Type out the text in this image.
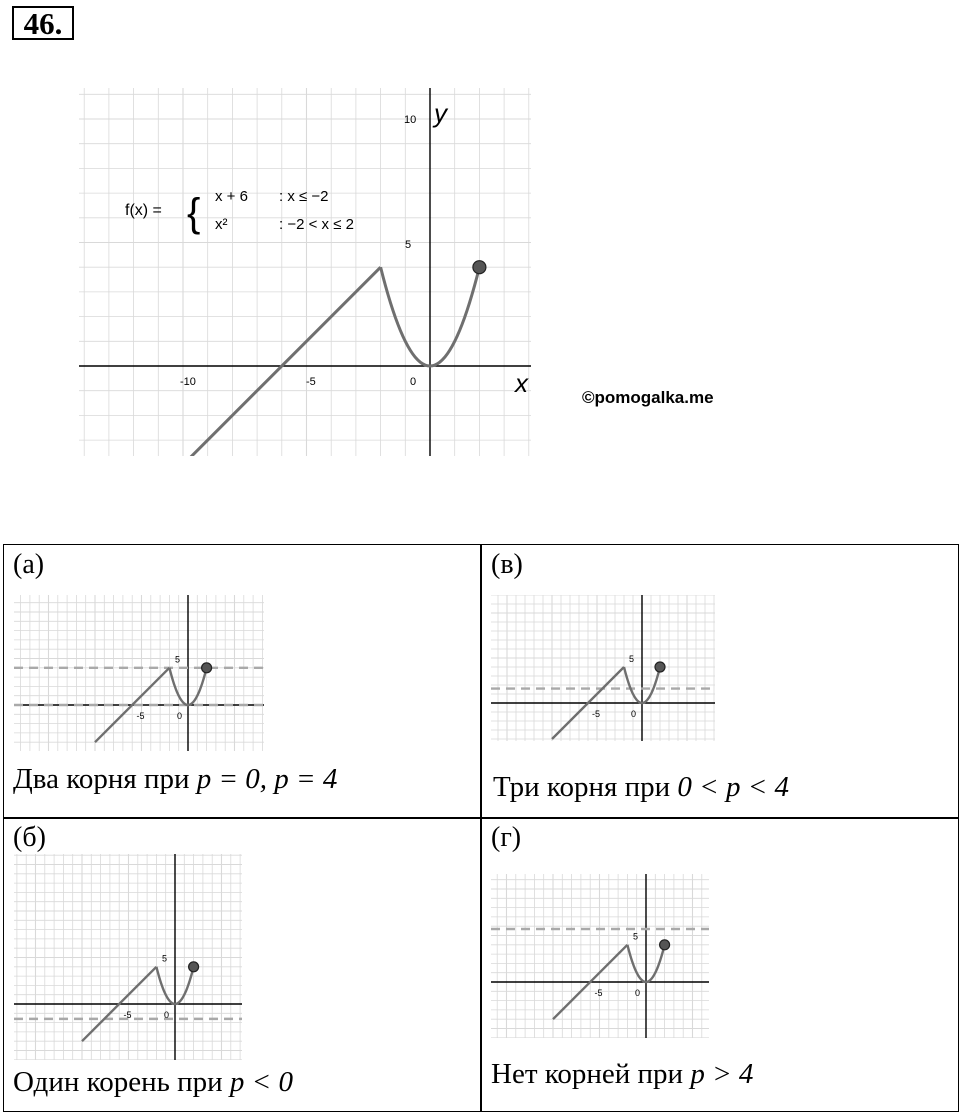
46.
-10	-5	0
5
10 y
x
f(x) = { x + 6 : x ≤ −2
x²	: −2 < x ≤ 2
©pomogalka.me
(а)
-5	0
5
Два корня при p = 0, p = 4
(в)
-5	0
5
Три корня при 0 < p < 4
(б)
-5	0
5
Один корень при p < 0
(г)
-5	0
5
Нет корней при p > 4
